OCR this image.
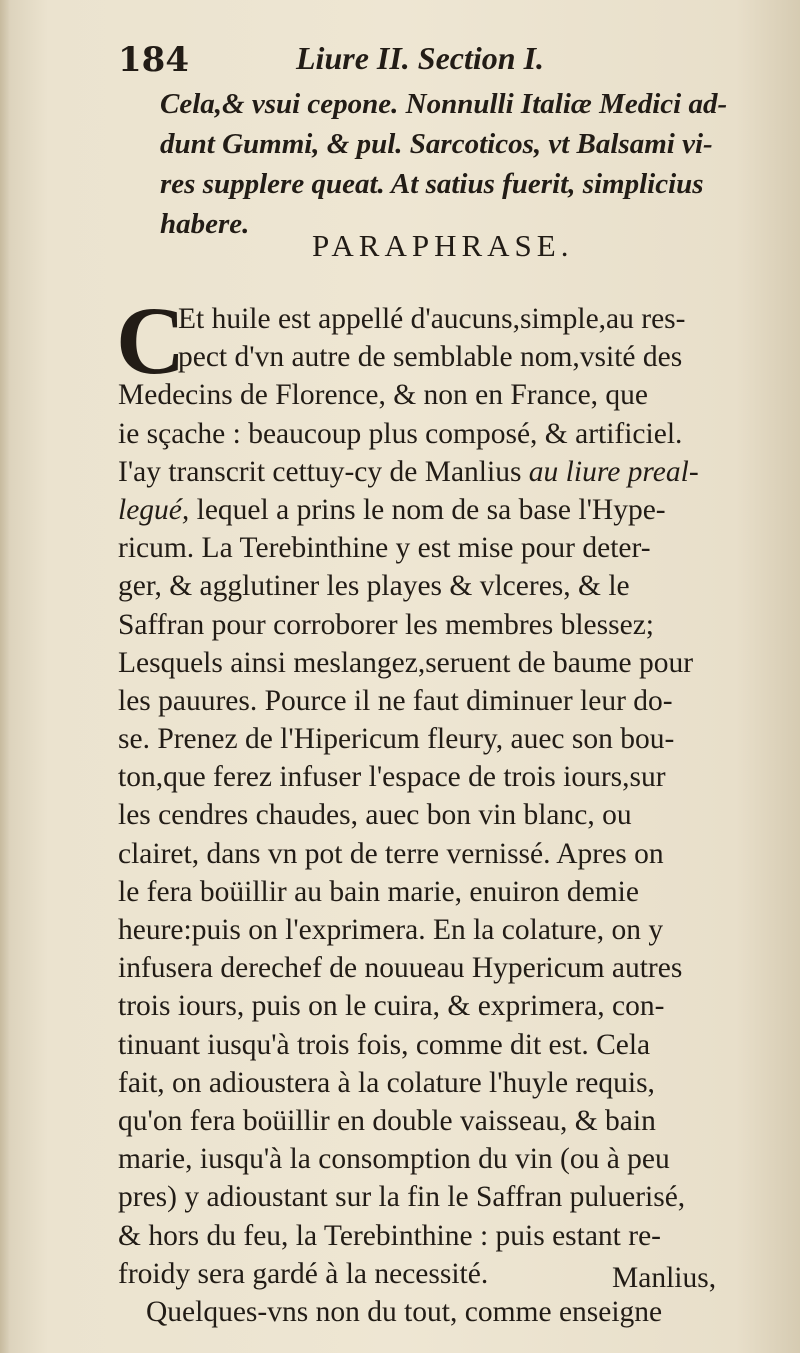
184	Liure II. Section I.
Cela,& vsui cepone. Nonnulli Italiæ Medici ad-
dunt Gummi, & pul. Sarcoticos, vt Balsami vi-
res supplere queat. At satius fuerit, simplicius
habere.
PARAPHRASE.
C
Et huile est appellé d'aucuns,simple,au res-
pect d'vn autre de semblable nom,vsité des
Medecins de Florence, & non en France, que
ie sçache : beaucoup plus composé, & artificiel.
I'ay transcrit cettuy-cy de Manlius au liure preal-
legué, lequel a prins le nom de sa base l'Hype-
ricum. La Terebinthine y est mise pour deter-
ger, & agglutiner les playes & vlceres, & le
Saffran pour corroborer les membres blessez;
Lesquels ainsi meslangez,seruent de baume pour
les pauures. Pource il ne faut diminuer leur do-
se. Prenez de l'Hipericum fleury, auec son bou-
ton,que ferez infuser l'espace de trois iours,sur
les cendres chaudes, auec bon vin blanc, ou
clairet, dans vn pot de terre vernissé. Apres on
le fera boüillir au bain marie, enuiron demie
heure:puis on l'exprimera. En la colature, on y
infusera derechef de nouueau Hypericum autres
trois iours, puis on le cuira, & exprimera, con-
tinuant iusqu'à trois fois, comme dit est. Cela
fait, on adioustera à la colature l'huyle requis,
qu'on fera boüillir en double vaisseau, & bain
marie, iusqu'à la consomption du vin (ou à peu
pres) y adioustant sur la fin le Saffran puluerisé,
& hors du feu, la Terebinthine : puis estant re-
froidy sera gardé à la necessité.
Quelques-vns non du tout, comme enseigne
Manlius,
